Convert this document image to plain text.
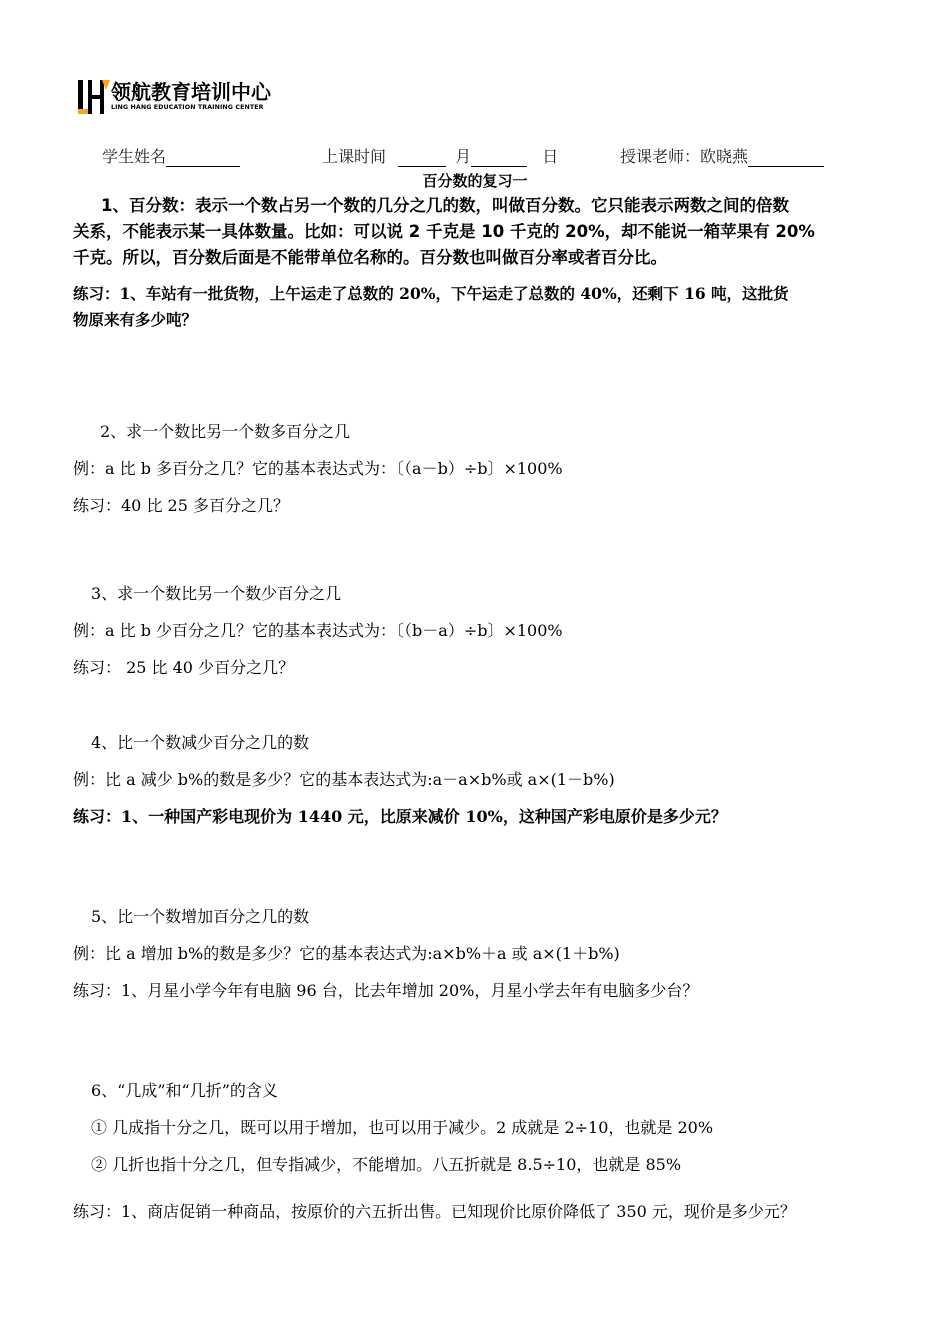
领航教育培训中心
LING HANG EDUCATION TRAINING CENTER
学生姓名	上课时间	月	日	授课老师：欧晓燕
百分数的复习一
1、百分数：表示一个数占另一个数的几分之几的数，叫做百分数。它只能表示两数之间的倍数
关系，不能表示某一具体数量。比如：可以说 2 千克是 10 千克的 20%，却不能说一箱苹果有 20%
千克。所以，百分数后面是不能带单位名称的。百分数也叫做百分率或者百分比。
练习：1、车站有一批货物，上午运走了总数的 20%，下午运走了总数的 40%，还剩下 16 吨，这批货
物原来有多少吨？
2、求一个数比另一个数多百分之几
例：a 比 b 多百分之几？它的基本表达式为：〔（a－b）÷b〕×100%
练习：40 比 25 多百分之几？
3、求一个数比另一个数少百分之几
例：a 比 b 少百分之几？它的基本表达式为：〔（b－a）÷b〕×100%
练习： 25 比 40 少百分之几？
4、比一个数减少百分之几的数
例：比 a 减少 b%的数是多少？它的基本表达式为:a－a×b%或 a×(1－b%)
练习：1、一种国产彩电现价为 1440 元，比原来减价 10%，这种国产彩电原价是多少元？
5、比一个数增加百分之几的数
例：比 a 增加 b%的数是多少？它的基本表达式为:a×b%＋a 或 a×(1＋b%)
练习：1、月星小学今年有电脑 96 台，比去年增加 20%，月星小学去年有电脑多少台？
6、“几成”和“几折”的含义
① 几成指十分之几，既可以用于增加，也可以用于减少。2 成就是 2÷10，也就是 20%
② 几折也指十分之几，但专指减少，不能增加。八五折就是 8.5÷10，也就是 85%
练习：1、商店促销一种商品，按原价的六五折出售。已知现价比原价降低了 350 元，现价是多少元？
